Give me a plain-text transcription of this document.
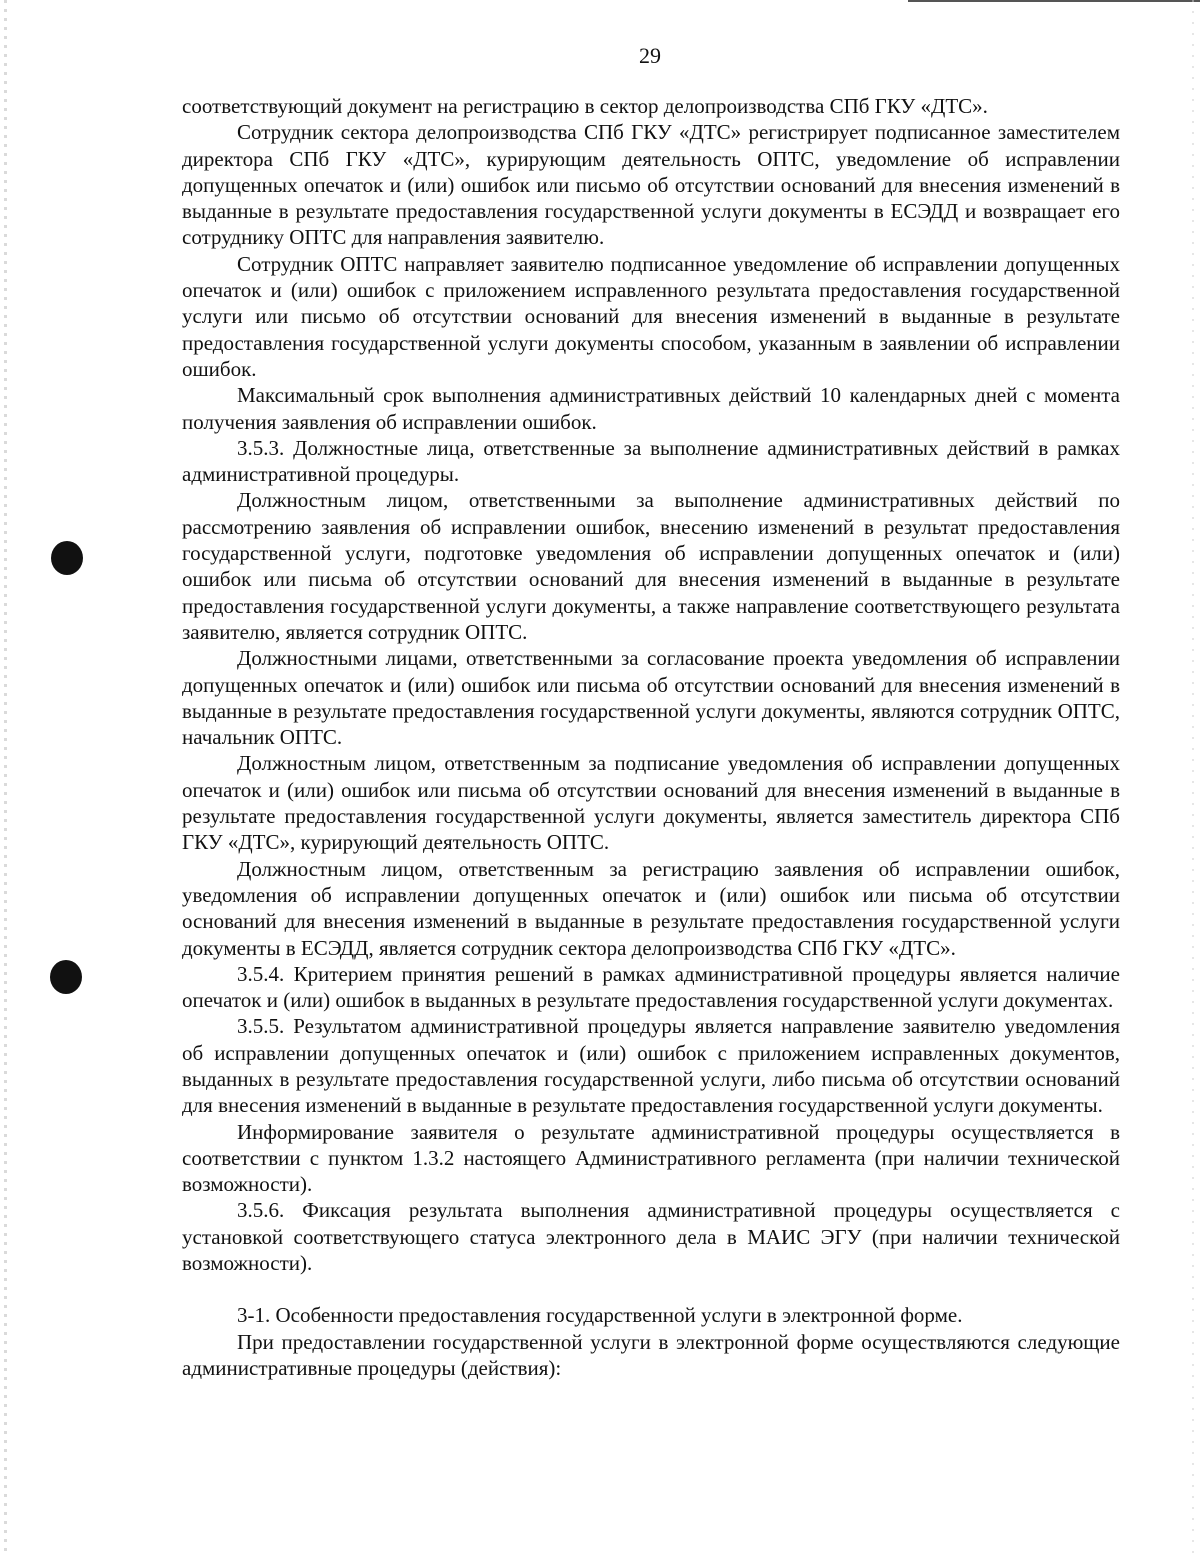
29

соответствующий документ на регистрацию в сектор делопроизводства СПб ГКУ «ДТС».

Сотрудник сектора делопроизводства СПб ГКУ «ДТС» регистрирует подписанное заместителем директора СПб ГКУ «ДТС», курирующим деятельность ОПТС, уведомление об исправлении допущенных опечаток и (или) ошибок или письмо об отсутствии оснований для внесения изменений в выданные в результате предоставления государственной услуги документы в ЕСЭДД и возвращает его сотруднику ОПТС для направления заявителю.

Сотрудник ОПТС направляет заявителю подписанное уведомление об исправлении допущенных опечаток и (или) ошибок с приложением исправленного результата предоставления государственной услуги или письмо об отсутствии оснований для внесения изменений в выданные в результате предоставления государственной услуги документы способом, указанным в заявлении об исправлении ошибок.

Максимальный срок выполнения административных действий 10 календарных дней с момента получения заявления об исправлении ошибок.

3.5.3. Должностные лица, ответственные за выполнение административных действий в рамках административной процедуры.

Должностным лицом, ответственными за выполнение административных действий по рассмотрению заявления об исправлении ошибок, внесению изменений в результат предоставления государственной услуги, подготовке уведомления об исправлении допущенных опечаток и (или) ошибок или письма об отсутствии оснований для внесения изменений в выданные в результате предоставления государственной услуги документы, а также направление соответствующего результата заявителю, является сотрудник ОПТС.

Должностными лицами, ответственными за согласование проекта уведомления об исправлении допущенных опечаток и (или) ошибок или письма об отсутствии оснований для внесения изменений в выданные в результате предоставления государственной услуги документы, являются сотрудник ОПТС, начальник ОПТС.

Должностным лицом, ответственным за подписание уведомления об исправлении допущенных опечаток и (или) ошибок или письма об отсутствии оснований для внесения изменений в выданные в результате предоставления государственной услуги документы, является заместитель директора СПб ГКУ «ДТС», курирующий деятельность ОПТС.

Должностным лицом, ответственным за регистрацию заявления об исправлении ошибок, уведомления об исправлении допущенных опечаток и (или) ошибок или письма об отсутствии оснований для внесения изменений в выданные в результате предоставления государственной услуги документы в ЕСЭДД, является сотрудник сектора делопроизводства СПб ГКУ «ДТС».

3.5.4. Критерием принятия решений в рамках административной процедуры является наличие опечаток и (или) ошибок в выданных в результате предоставления государственной услуги документах.

3.5.5. Результатом административной процедуры является направление заявителю уведомления об исправлении допущенных опечаток и (или) ошибок с приложением исправленных документов, выданных в результате предоставления государственной услуги, либо письма об отсутствии оснований для внесения изменений в выданные в результате предоставления государственной услуги документы.

Информирование заявителя о результате административной процедуры осуществляется в соответствии с пунктом 1.3.2 настоящего Административного регламента (при наличии технической возможности).

3.5.6. Фиксация результата выполнения административной процедуры осуществляется с установкой соответствующего статуса электронного дела в МАИС ЭГУ (при наличии технической возможности).

3-1. Особенности предоставления государственной услуги в электронной форме.

При предоставлении государственной услуги в электронной форме осуществляются следующие административные процедуры (действия):
